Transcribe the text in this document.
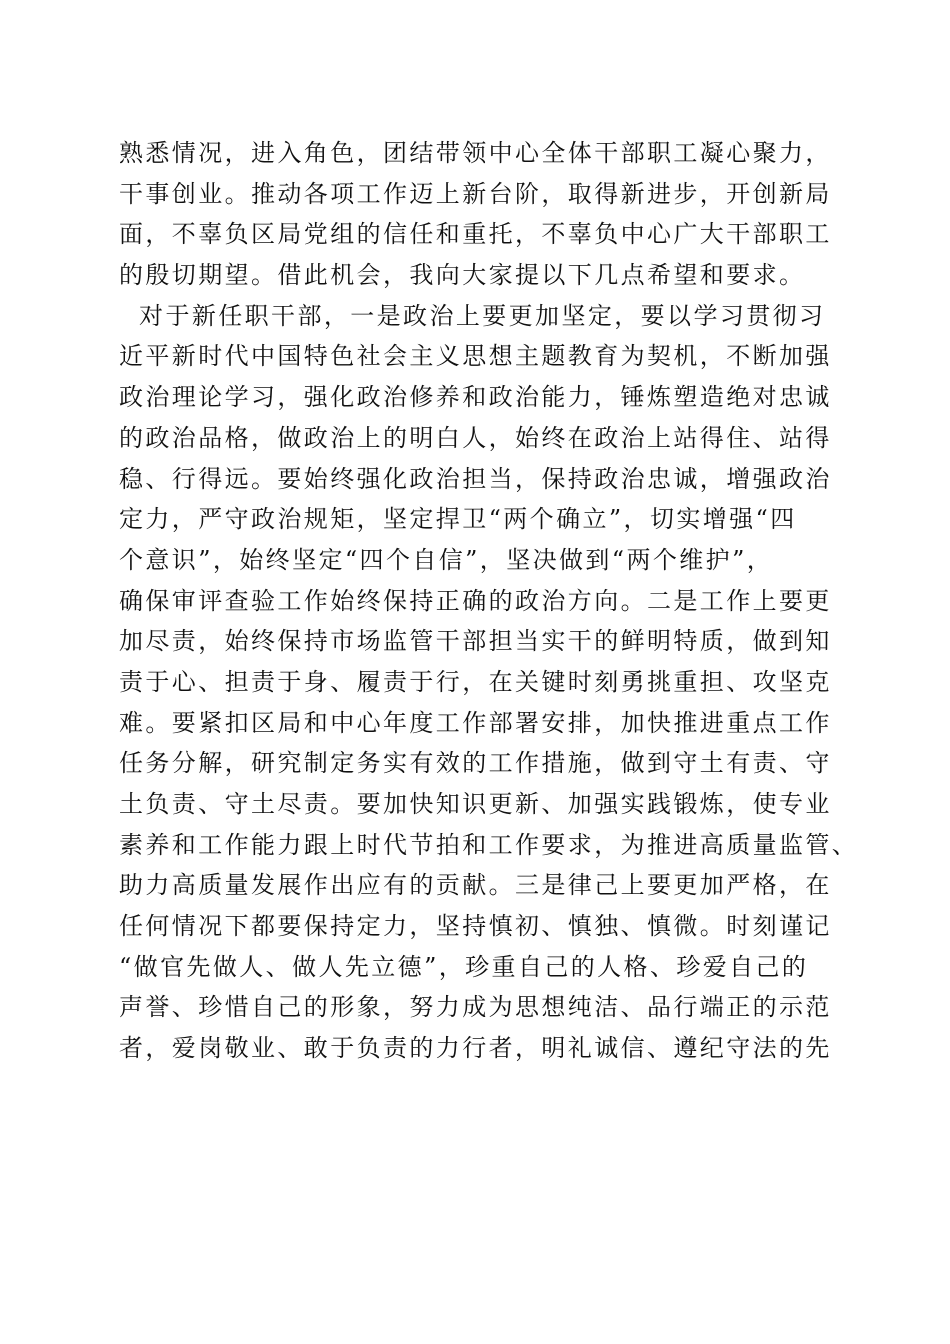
熟悉情况，进入角色，团结带领中心全体干部职工凝心聚力，
干事创业。推动各项工作迈上新台阶，取得新进步，开创新局
面，不辜负区局党组的信任和重托，不辜负中心广大干部职工
的殷切期望。借此机会，我向大家提以下几点希望和要求。
对于新任职干部，一是政治上要更加坚定，要以学习贯彻习
近平新时代中国特色社会主义思想主题教育为契机，不断加强
政治理论学习，强化政治修养和政治能力，锤炼塑造绝对忠诚
的政治品格，做政治上的明白人，始终在政治上站得住、站得
稳、行得远。要始终强化政治担当，保持政治忠诚，增强政治
定力，严守政治规矩，坚定捍卫“两个确立”，切实增强“四
个意识”，始终坚定“四个自信”，坚决做到“两个维护”，
确保审评查验工作始终保持正确的政治方向。二是工作上要更
加尽责，始终保持市场监管干部担当实干的鲜明特质，做到知
责于心、担责于身、履责于行，在关键时刻勇挑重担、攻坚克
难。要紧扣区局和中心年度工作部署安排，加快推进重点工作
任务分解，研究制定务实有效的工作措施，做到守土有责、守
土负责、守土尽责。要加快知识更新、加强实践锻炼，使专业
素养和工作能力跟上时代节拍和工作要求，为推进高质量监管、
助力高质量发展作出应有的贡献。三是律己上要更加严格，在
任何情况下都要保持定力，坚持慎初、慎独、慎微。时刻谨记
“做官先做人、做人先立德”，珍重自己的人格、珍爱自己的
声誉、珍惜自己的形象，努力成为思想纯洁、品行端正的示范
者，爱岗敬业、敢于负责的力行者，明礼诚信、遵纪守法的先
